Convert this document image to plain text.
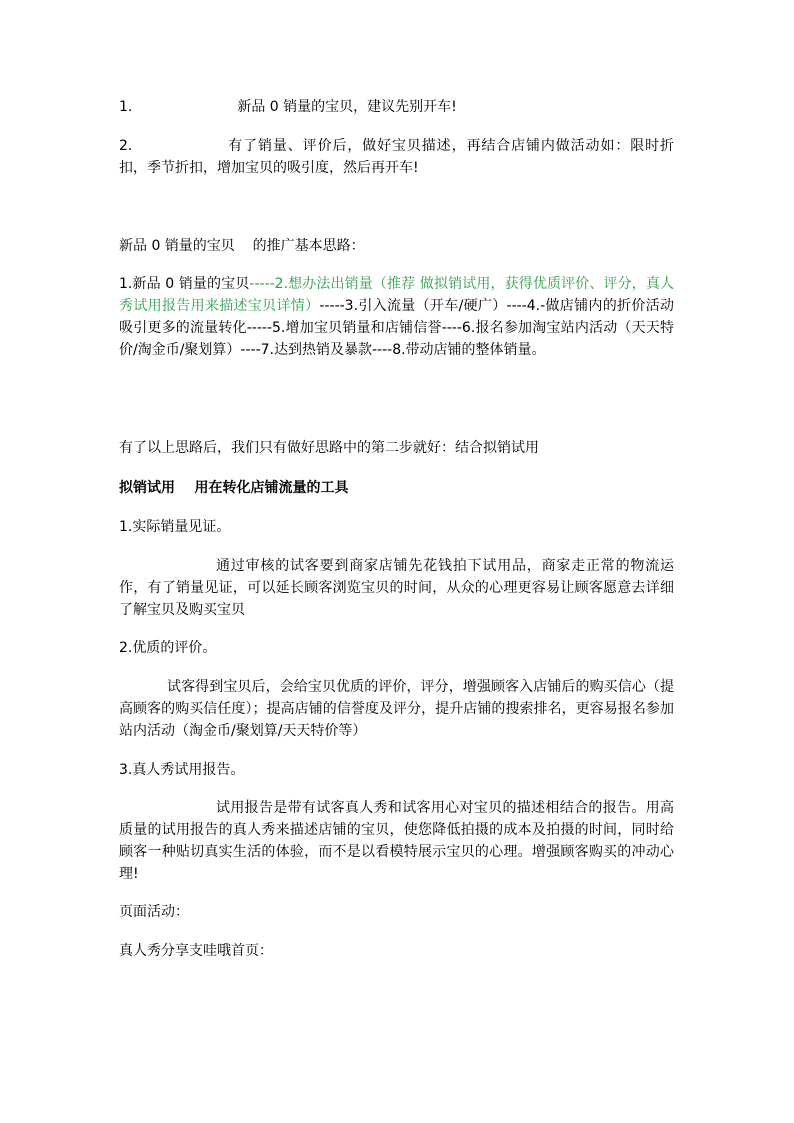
1.	新品 0 销量的宝贝，建议先别开车!
2.	有了销量、评价后，做好宝贝描述，再结合店铺内做活动如：限时折扣，季节折扣，增加宝贝的吸引度，然后再开车!
新品 0 销量的宝贝    的推广基本思路：
1.新品 0 销量的宝贝-----2.想办法出销量（推荐 做拟销试用，获得优质评价、评分，真人秀试用报告用来描述宝贝详情）-----3.引入流量（开车/硬广）----4.-做店铺内的折价活动吸引更多的流量转化-----5.增加宝贝销量和店铺信誉----6.报名参加淘宝站内活动（天天特价/淘金币/聚划算）----7.达到热销及暴款----8.带动店铺的整体销量。
有了以上思路后，我们只有做好思路中的第二步就好：结合拟销试用
拟销试用    用在转化店铺流量的工具
1.实际销量见证。
通过审核的试客要到商家店铺先花钱拍下试用品，商家走正常的物流运作，有了销量见证，可以延长顾客浏览宝贝的时间，从众的心理更容易让顾客愿意去详细了解宝贝及购买宝贝
2.优质的评价。
试客得到宝贝后，会给宝贝优质的评价，评分，增强顾客入店铺后的购买信心（提高顾客的购买信任度）；提高店铺的信誉度及评分，提升店铺的搜索排名，更容易报名参加站内活动（淘金币/聚划算/天天特价等）
3.真人秀试用报告。
试用报告是带有试客真人秀和试客用心对宝贝的描述相结合的报告。用高质量的试用报告的真人秀来描述店铺的宝贝，使您降低拍摄的成本及拍摄的时间，同时给顾客一种贴切真实生活的体验，而不是以看模特展示宝贝的心理。增强顾客购买的冲动心理!
页面活动：
真人秀分享支哇哦首页：
